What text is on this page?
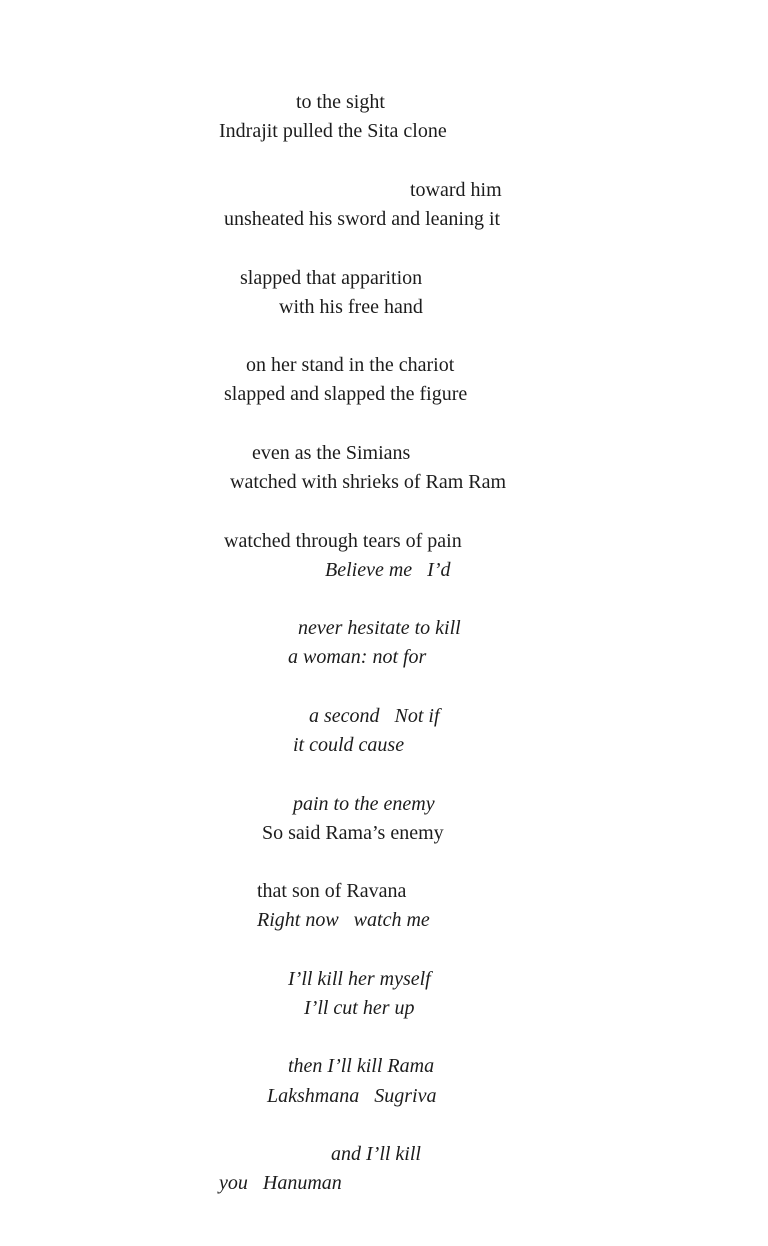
to the sight
Indrajit pulled the Sita clone
toward him
unsheated his sword and leaning it
slapped that apparition
with his free hand
on her stand in the chariot
slapped and slapped the figure
even as the Simians
watched with shrieks of Ram Ram
watched through tears of pain
Believe me   I’d
never hesitate to kill
a woman: not for
a second   Not if
it could cause
pain to the enemy
So said Rama’s enemy
that son of Ravana
Right now   watch me
I’ll kill her myself
I’ll cut her up
then I’ll kill Rama
Lakshmana   Sugriva
and I’ll kill
you   Hanuman
